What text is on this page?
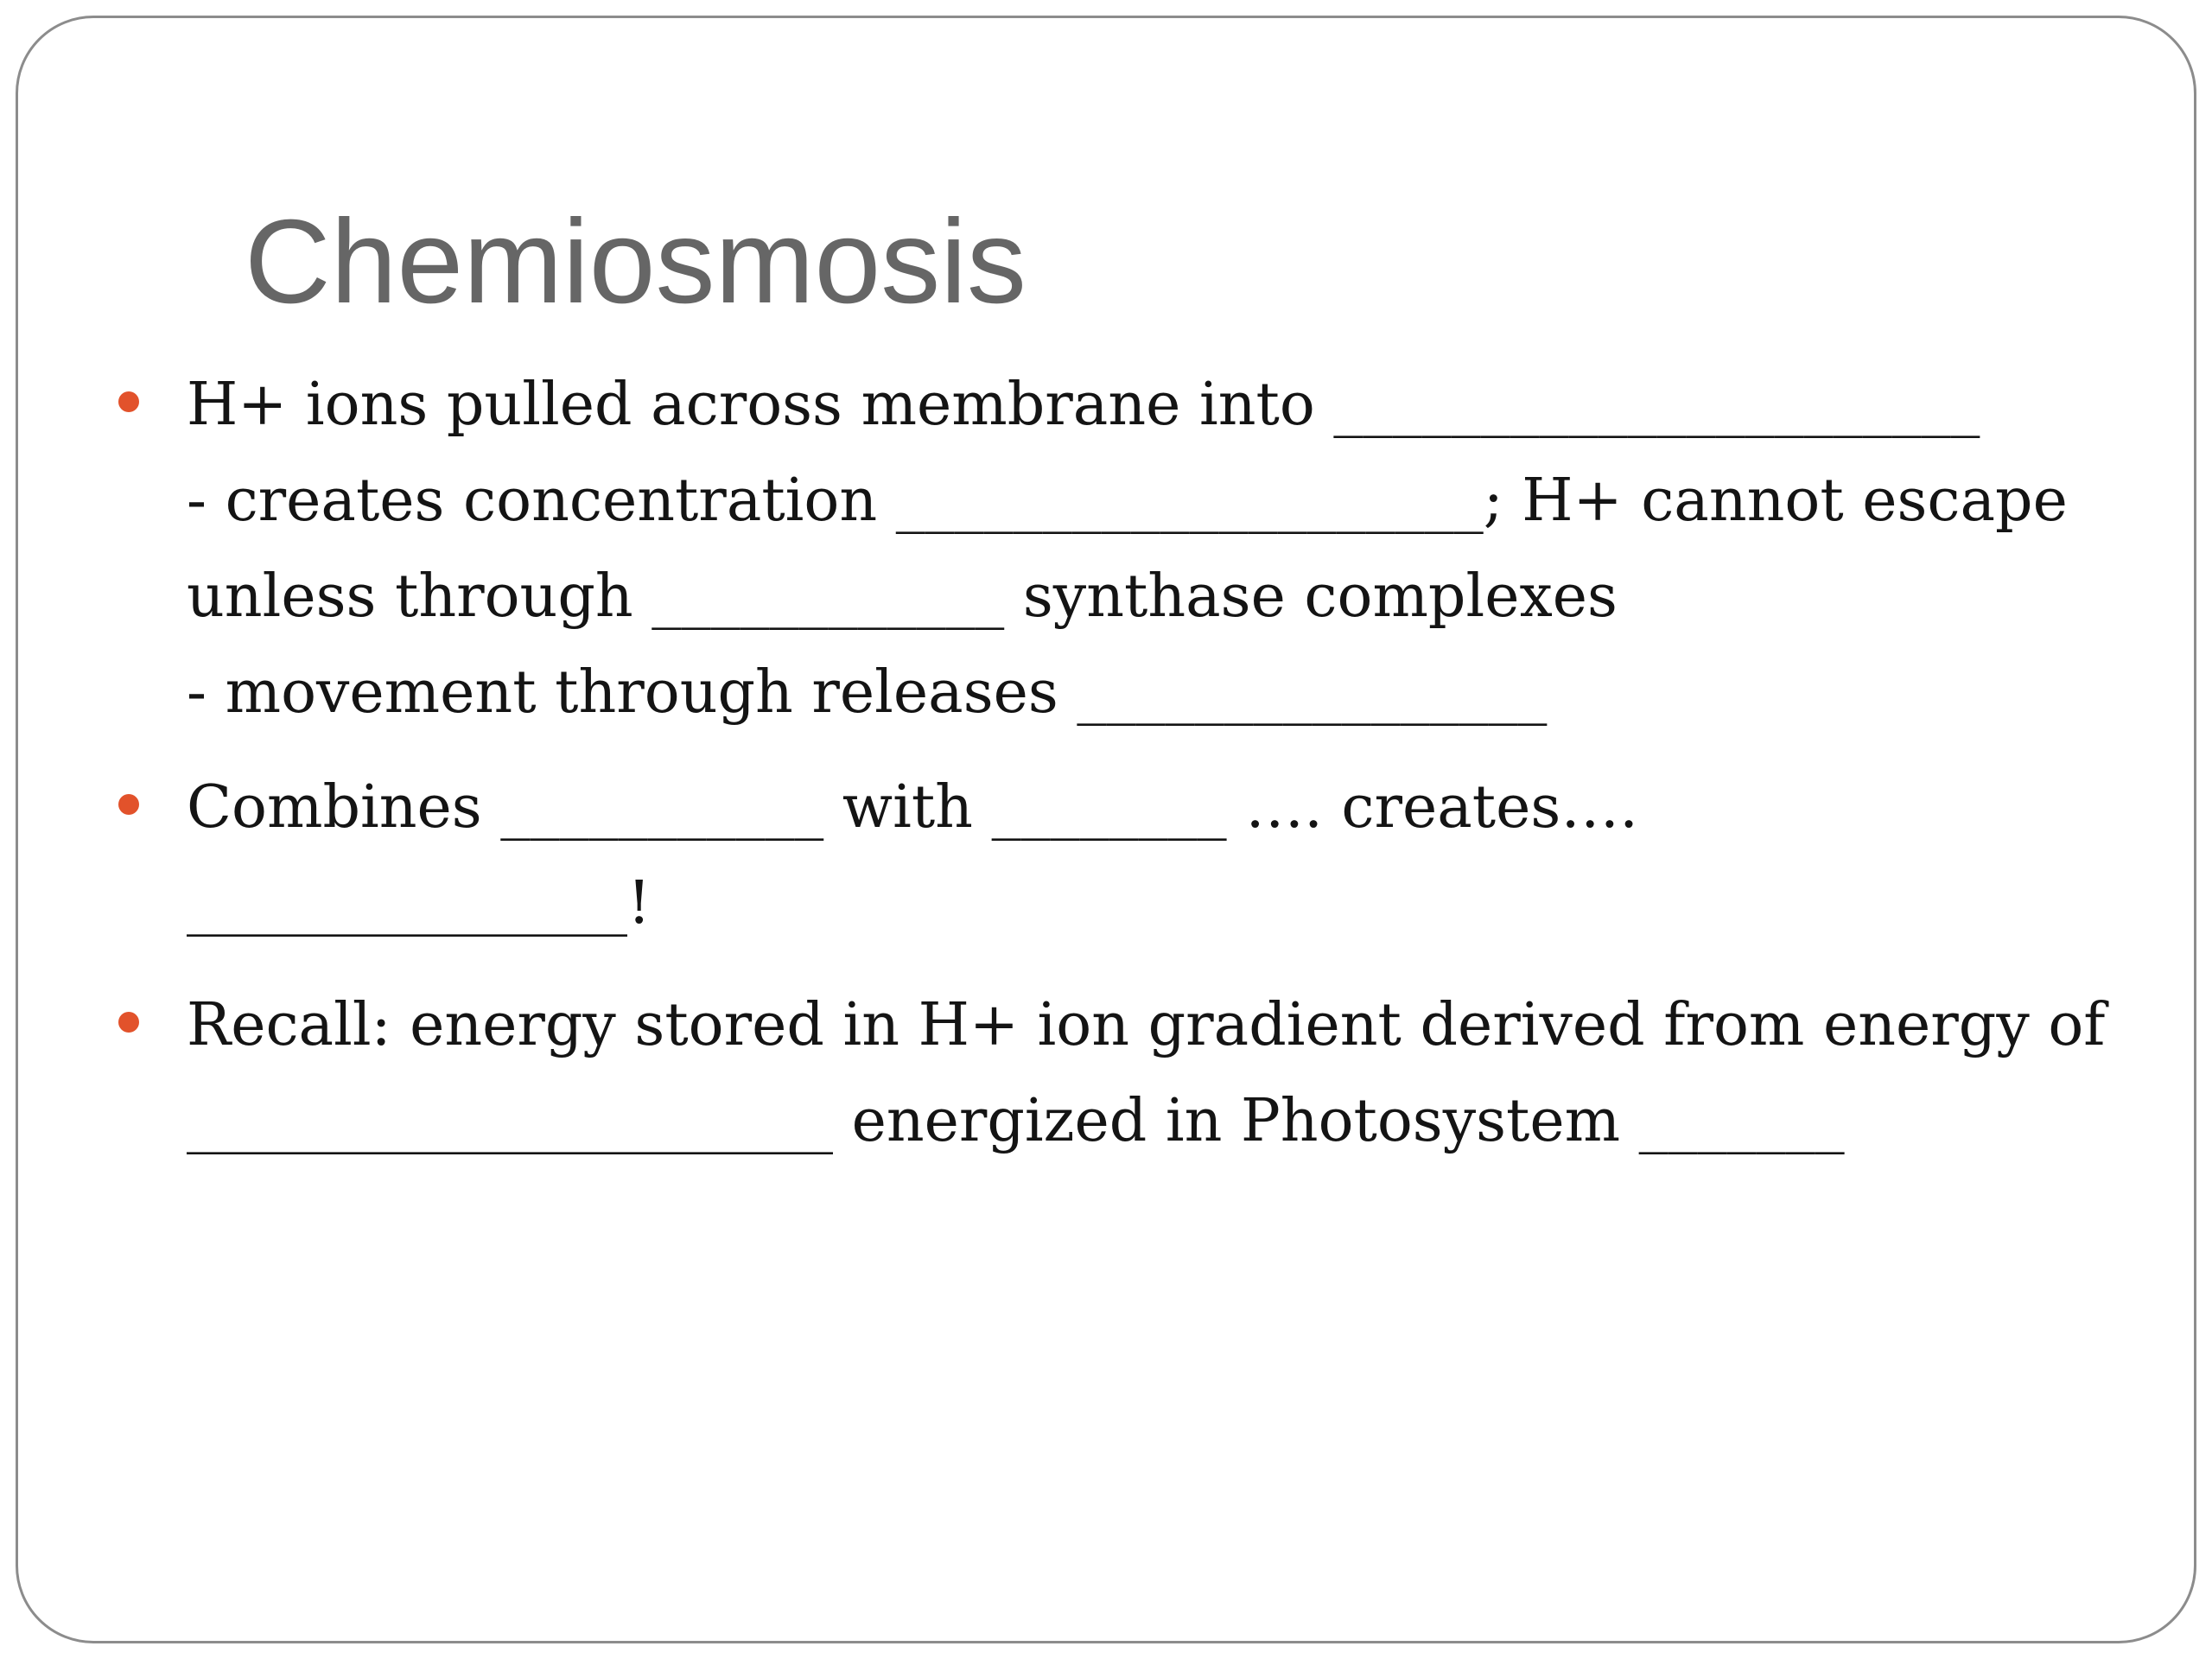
Chemiosmosis
H+ ions pulled across membrane into ______________________
- creates concentration ____________________; H+ cannot escape
unless through ____________ synthase complexes
- movement through releases ________________
Combines ___________ with ________ …. creates….
_______________!
Recall: energy stored in H+ ion gradient derived from energy of
______________________ energized in Photosystem _______
